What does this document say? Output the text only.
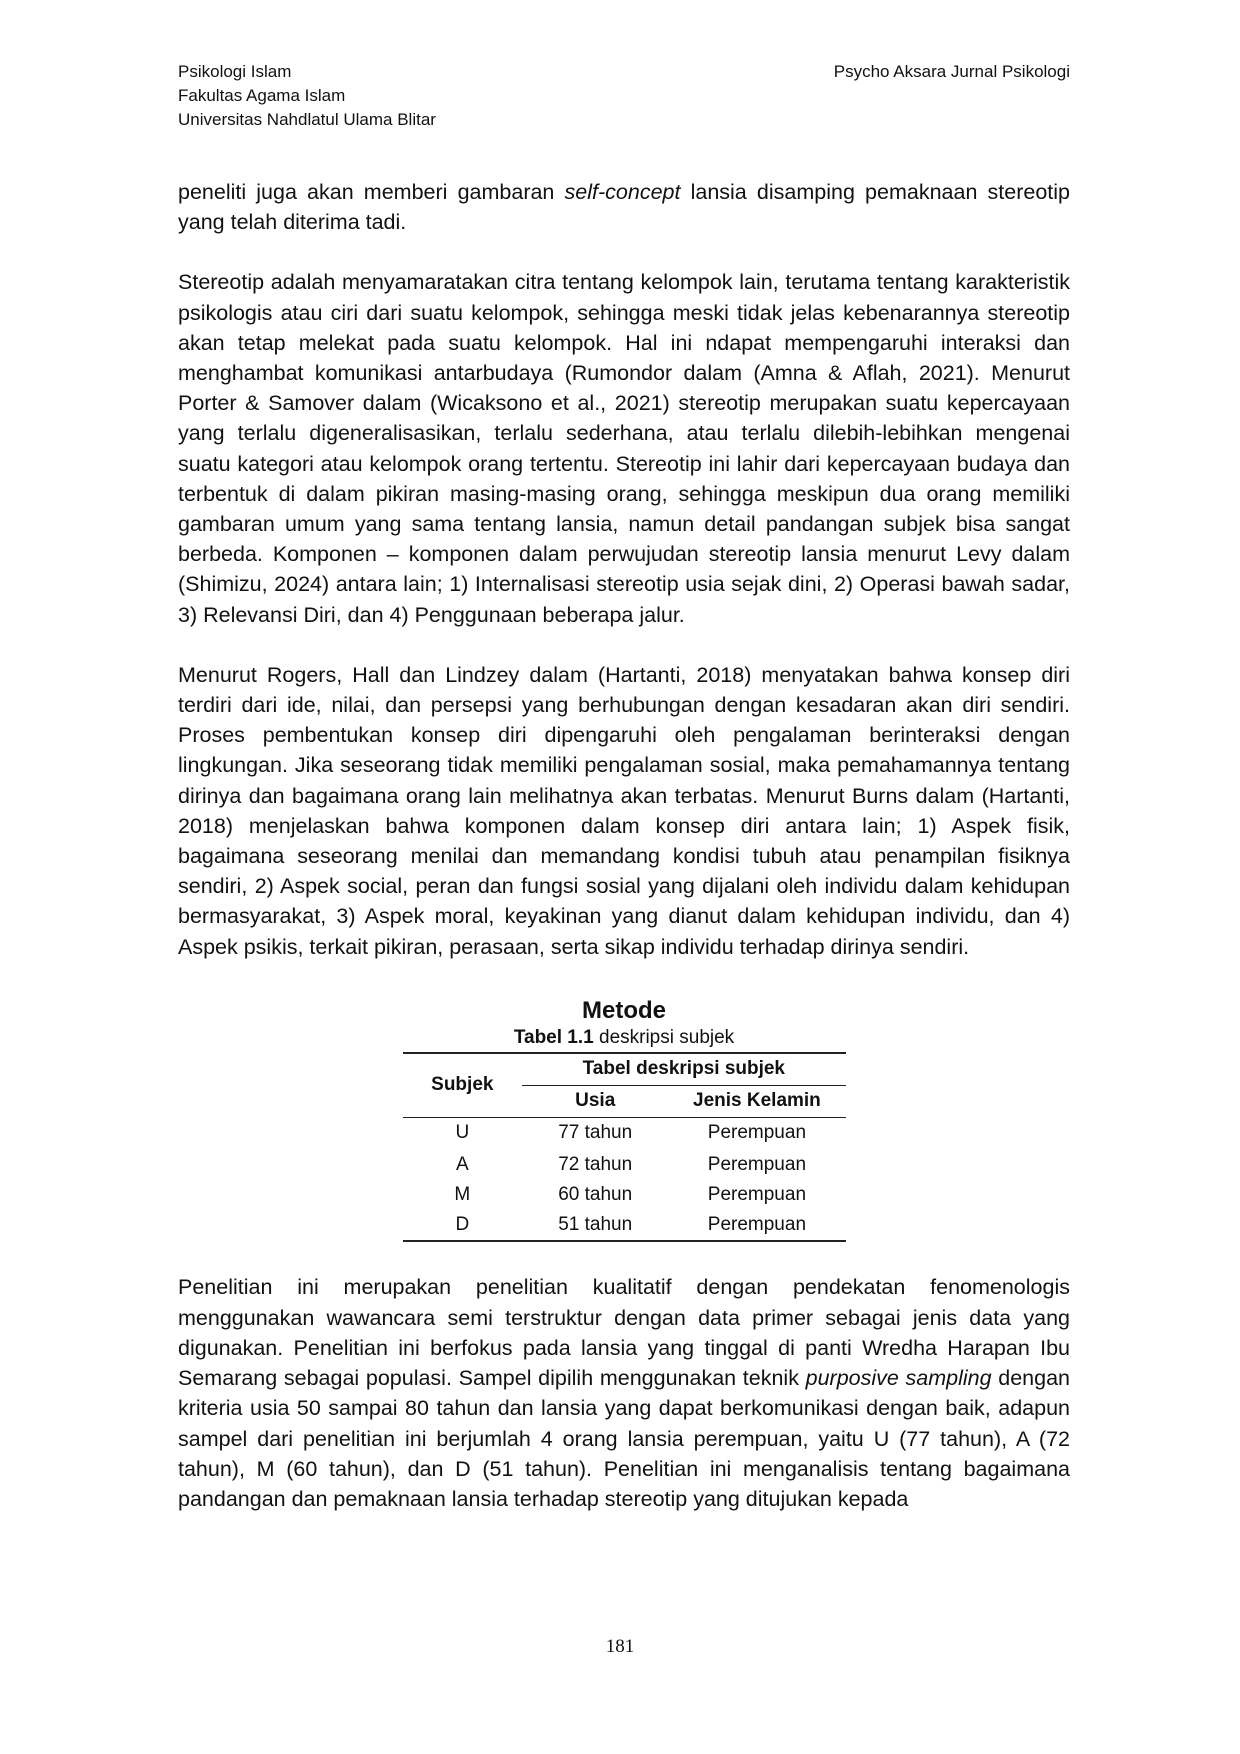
Psikologi Islam
Fakultas Agama Islam
Universitas Nahdlatul Ulama Blitar
Psycho Aksara Jurnal Psikologi

peneliti juga akan memberi gambaran self-concept lansia disamping pemaknaan stereotip yang telah diterima tadi.

Stereotip adalah menyamaratakan citra tentang kelompok lain, terutama tentang karakteristik psikologis atau ciri dari suatu kelompok, sehingga meski tidak jelas kebenarannya stereotip akan tetap melekat pada suatu kelompok. Hal ini ndapat mempengaruhi interaksi dan menghambat komunikasi antarbudaya (Rumondor dalam (Amna & Aflah, 2021). Menurut Porter & Samover dalam (Wicaksono et al., 2021) stereotip merupakan suatu kepercayaan yang terlalu digeneralisasikan, terlalu sederhana, atau terlalu dilebih-lebihkan mengenai suatu kategori atau kelompok orang tertentu. Stereotip ini lahir dari kepercayaan budaya dan terbentuk di dalam pikiran masing-masing orang, sehingga meskipun dua orang memiliki gambaran umum yang sama tentang lansia, namun detail pandangan subjek bisa sangat berbeda. Komponen – komponen dalam perwujudan stereotip lansia menurut Levy dalam (Shimizu, 2024) antara lain; 1) Internalisasi stereotip usia sejak dini, 2) Operasi bawah sadar, 3) Relevansi Diri, dan 4) Penggunaan beberapa jalur.

Menurut Rogers, Hall dan Lindzey dalam (Hartanti, 2018) menyatakan bahwa konsep diri terdiri dari ide, nilai, dan persepsi yang berhubungan dengan kesadaran akan diri sendiri. Proses pembentukan konsep diri dipengaruhi oleh pengalaman berinteraksi dengan lingkungan. Jika seseorang tidak memiliki pengalaman sosial, maka pemahamannya tentang dirinya dan bagaimana orang lain melihatnya akan terbatas. Menurut Burns dalam (Hartanti, 2018) menjelaskan bahwa komponen dalam konsep diri antara lain; 1) Aspek fisik, bagaimana seseorang menilai dan memandang kondisi tubuh atau penampilan fisiknya sendiri, 2) Aspek social, peran dan fungsi sosial yang dijalani oleh individu dalam kehidupan bermasyarakat, 3) Aspek moral, keyakinan yang dianut dalam kehidupan individu, dan 4) Aspek psikis, terkait pikiran, perasaan, serta sikap individu terhadap dirinya sendiri.

Metode
Tabel 1.1 deskripsi subjek
Subjek	Tabel deskripsi subjek	
	Usia	Jenis Kelamin
U	77 tahun	Perempuan
A	72 tahun	Perempuan
M	60 tahun	Perempuan
D	51 tahun	Perempuan

Penelitian ini merupakan penelitian kualitatif dengan pendekatan fenomenologis menggunakan wawancara semi terstruktur dengan data primer sebagai jenis data yang digunakan. Penelitian ini berfokus pada lansia yang tinggal di panti Wredha Harapan Ibu Semarang sebagai populasi. Sampel dipilih menggunakan teknik purposive sampling dengan kriteria usia 50 sampai 80 tahun dan lansia yang dapat berkomunikasi dengan baik, adapun sampel dari penelitian ini berjumlah 4 orang lansia perempuan, yaitu U (77 tahun), A (72 tahun), M (60 tahun), dan D (51 tahun). Penelitian ini menganalisis tentang bagaimana pandangan dan pemaknaan lansia terhadap stereotip yang ditujukan kepada

181
